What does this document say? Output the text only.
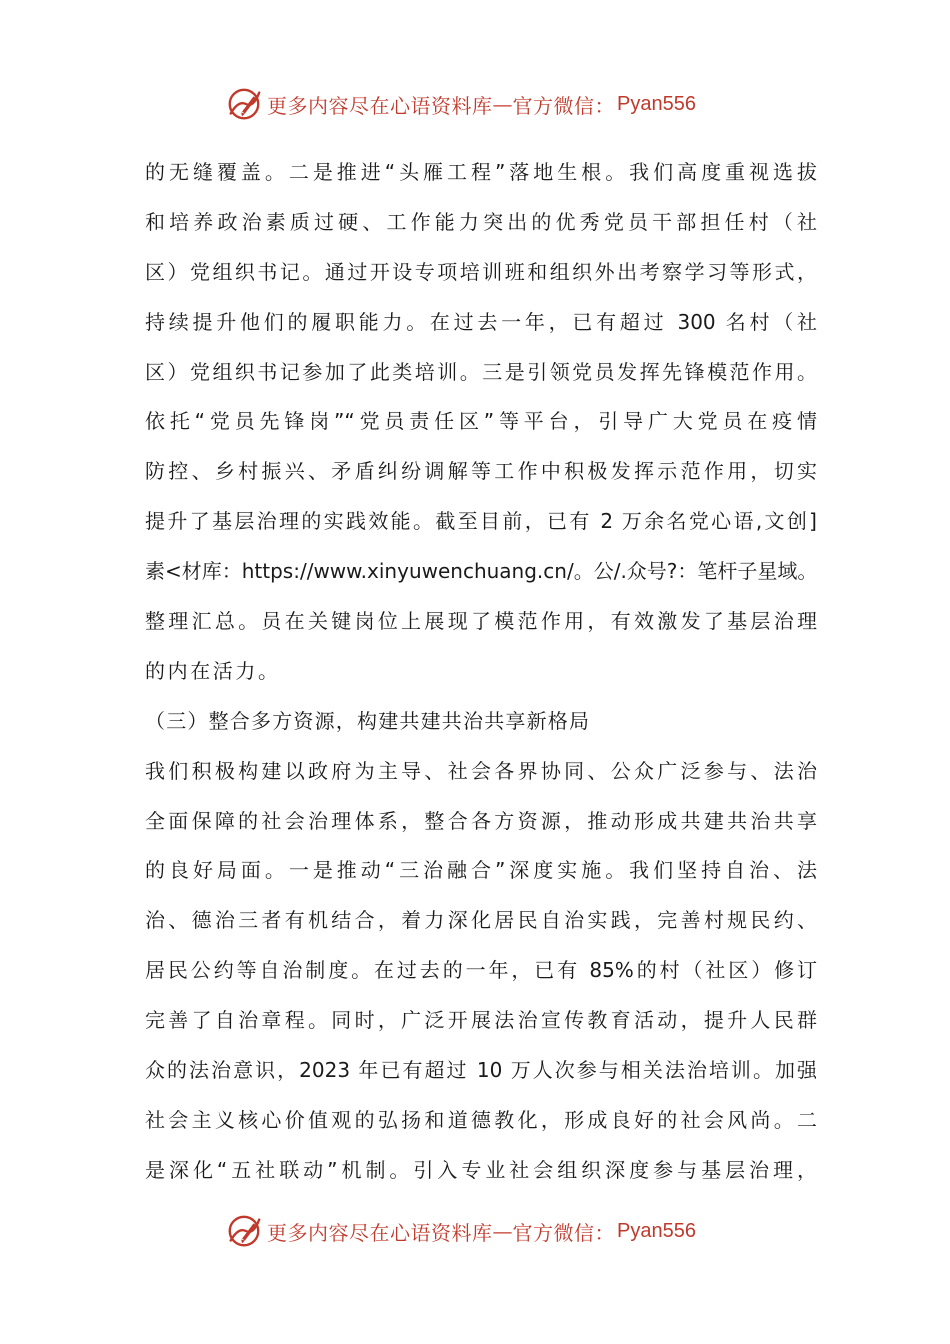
更多内容尽在心语资料库 — 官方微信： Pyan556
的无缝覆盖。二是推进“头雁工程”落地生根。我们高度重视选拔
和培养政治素质过硬、工作能力突出的优秀党员干部担任村（社
区）党组织书记。通过开设专项培训班和组织外出考察学习等形式，
持续提升他们的履职能力。在过去一年，已有超过 300 名村（社
区）党组织书记参加了此类培训。三是引领党员发挥先锋模范作用。
依托“党员先锋岗”“党员责任区”等平台，引导广大党员在疫情
防控、乡村振兴、矛盾纠纷调解等工作中积极发挥示范作用，切实
提升了基层治理的实践效能。截至目前，已有 2 万余名党心语,文创]
素<材库：https://www.xinyuwenchuang.cn/。公/.众号?：笔杆子星域。
整理汇总。员在关键岗位上展现了模范作用，有效激发了基层治理
的内在活力。
（三）整合多方资源，构建共建共治共享新格局
我们积极构建以政府为主导、社会各界协同、公众广泛参与、法治
全面保障的社会治理体系，整合各方资源，推动形成共建共治共享
的良好局面。一是推动“三治融合”深度实施。我们坚持自治、法
治、德治三者有机结合，着力深化居民自治实践，完善村规民约、
居民公约等自治制度。在过去的一年，已有 85%的村（社区）修订
完善了自治章程。同时，广泛开展法治宣传教育活动，提升人民群
众的法治意识，2023 年已有超过 10 万人次参与相关法治培训。加强
社会主义核心价值观的弘扬和道德教化，形成良好的社会风尚。二
是深化“五社联动”机制。引入专业社会组织深度参与基层治理，
更多内容尽在心语资料库 — 官方微信： Pyan556
